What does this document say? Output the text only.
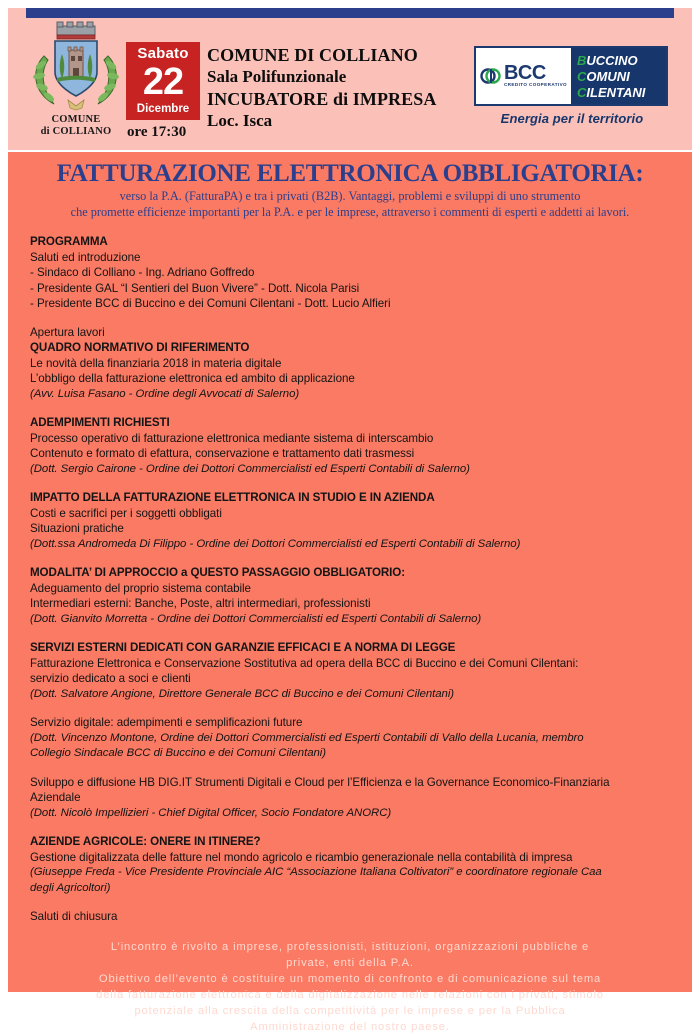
COMUNE
di COLLIANO
Sabato
22
Dicembre
ore 17:30
COMUNE DI COLLIANO
Sala Polifunzionale
INCUBATORE di IMPRESA
Loc. Isca
BCC
CREDITO COOPERATIVO
BUCCINO
COMUNI
CILENTANI
Energia per il territorio
FATTURAZIONE ELETTRONICA OBBLIGATORIA:
verso la P.A. (FatturaPA) e tra i privati (B2B). Vantaggi, problemi e sviluppi di uno strumento
che promette efficienze importanti per la P.A. e per le imprese, attraverso i commenti di esperti e addetti ai lavori.
PROGRAMMA
Saluti ed introduzione
- Sindaco di Colliano - Ing. Adriano Goffredo
- Presidente GAL “I Sentieri del Buon Vivere” - Dott. Nicola Parisi
- Presidente BCC di Buccino e dei Comuni Cilentani - Dott. Lucio Alfieri
Apertura lavori
QUADRO NORMATIVO DI RIFERIMENTO
Le novità della finanziaria 2018 in materia digitale
L’obbligo della fatturazione elettronica ed ambito di applicazione
(Avv. Luisa Fasano - Ordine degli Avvocati di Salerno)
ADEMPIMENTI RICHIESTI
Processo operativo di fatturazione elettronica mediante sistema di interscambio
Contenuto e formato di efattura, conservazione e trattamento dati trasmessi
(Dott. Sergio Cairone - Ordine dei Dottori Commercialisti ed Esperti Contabili di Salerno)
IMPATTO DELLA FATTURAZIONE ELETTRONICA IN STUDIO E IN AZIENDA
Costi e sacrifici per i soggetti obbligati
Situazioni pratiche
(Dott.ssa Andromeda Di Filippo - Ordine dei Dottori Commercialisti ed Esperti Contabili di Salerno)
MODALITA’ DI APPROCCIO a QUESTO PASSAGGIO OBBLIGATORIO:
Adeguamento del proprio sistema contabile
Intermediari esterni: Banche, Poste, altri intermediari, professionisti
(Dott. Gianvito Morretta - Ordine dei Dottori Commercialisti ed Esperti Contabili di Salerno)
SERVIZI ESTERNI DEDICATI CON GARANZIE EFFICACI E A NORMA DI LEGGE
Fatturazione Elettronica e Conservazione Sostitutiva ad opera della BCC di Buccino e dei Comuni Cilentani:
servizio dedicato a soci e clienti
(Dott. Salvatore Angione, Direttore Generale BCC di Buccino e dei Comuni Cilentani)
Servizio digitale: adempimenti e semplificazioni future
(Dott. Vincenzo Montone, Ordine dei Dottori Commercialisti ed Esperti Contabili di Vallo della Lucania, membro
Collegio Sindacale BCC di Buccino e dei Comuni Cilentani)
Sviluppo e diffusione HB DIG.IT Strumenti Digitali e Cloud per l’Efficienza e la Governance Economico-Finanziaria
Aziendale
(Dott. Nicolò Impellizieri - Chief Digital Officer, Socio Fondatore ANORC)
AZIENDE AGRICOLE: ONERE IN ITINERE?
Gestione digitalizzata delle fatture nel mondo agricolo e ricambio generazionale nella contabilità di impresa
(Giuseppe Freda - Vice Presidente Provinciale AIC “Associazione Italiana Coltivatori” e coordinatore regionale Caa
degli Agricoltori)
Saluti di chiusura
L’incontro è rivolto a imprese, professionisti, istituzioni, organizzazioni pubbliche e
private, enti della P.A.
Obiettivo dell’evento è costituire un momento di confronto e di comunicazione sul tema
della fatturazione elettronica e della digitalizzazione nelle relazioni con i privati, stimolo
potenziale alla crescita della competitività per le imprese e per la Pubblica
Amministrazione del nostro paese.
